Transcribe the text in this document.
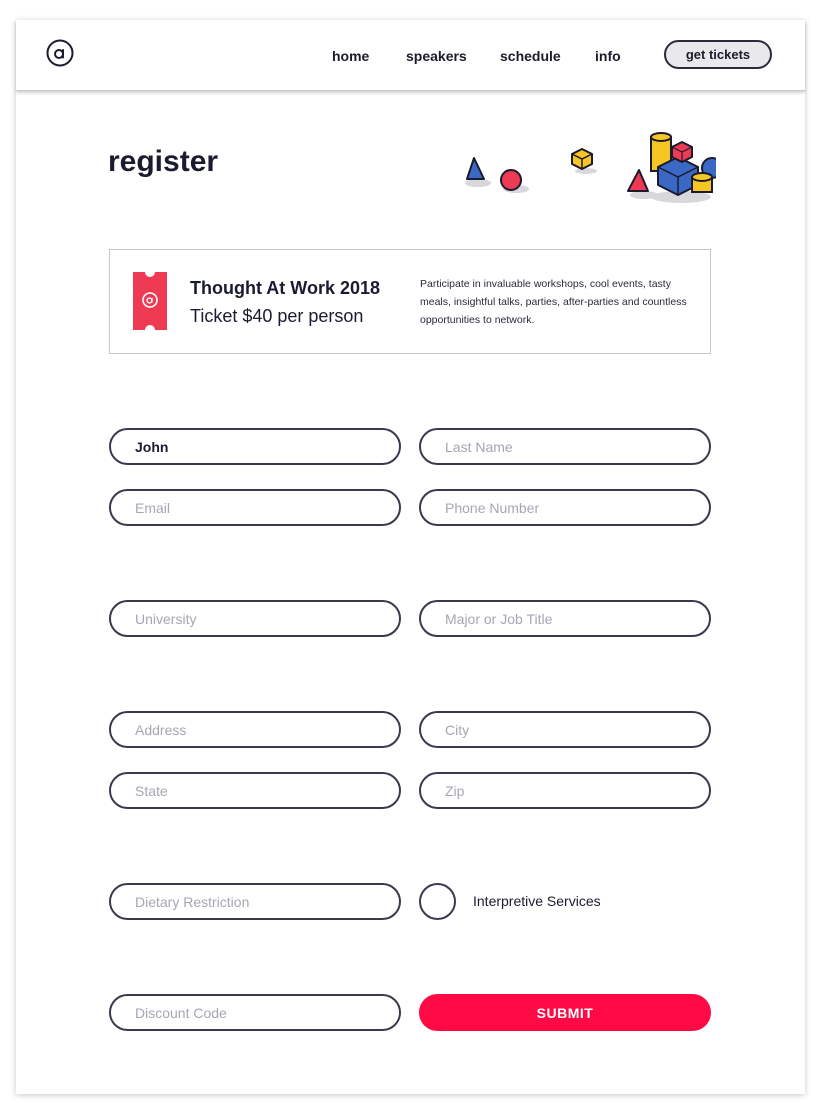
home	speakers schedule info	get tickets
register
Thought At Work 2018
Ticket $40 per person

Participate in invaluable workshops, cool events, tasty meals, insightful talks, parties, after-parties and countless opportunities to network.

John
Last Name
Email
Phone Number
University
Major or Job Title
Address
City
State
Zip
Dietary Restriction
Interpretive Services
Discount Code
SUBMIT
